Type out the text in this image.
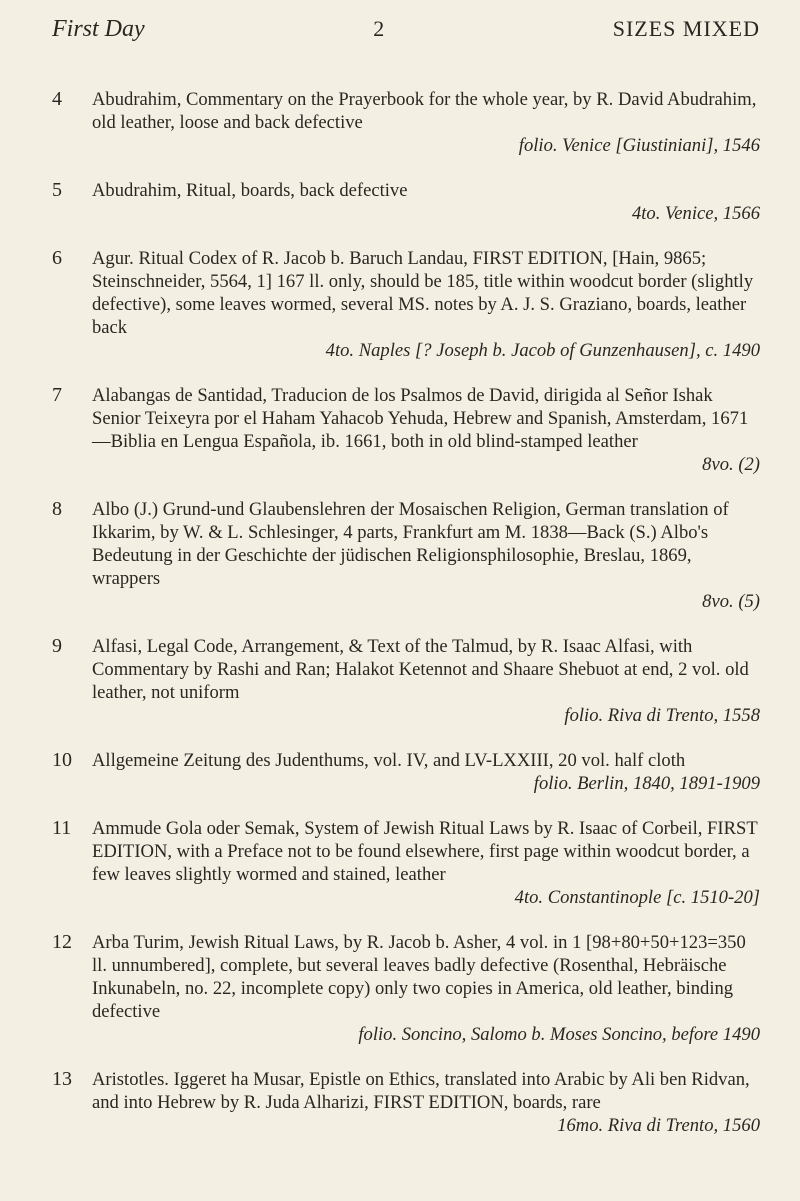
First Day	2	SIZES MIXED
4	Abudrahim, Commentary on the Prayerbook for the whole year, by R. David Abudrahim, old leather, loose and back defective
folio. Venice [Giustiniani], 1546
5	Abudrahim, Ritual, boards, back defective
4to. Venice, 1566
6	Agur. Ritual Codex of R. Jacob b. Baruch Landau, FIRST EDITION, [Hain, 9865; Steinschneider, 5564, 1] 167 ll. only, should be 185, title within woodcut border (slightly defective), some leaves wormed, several MS. notes by A. J. S. Graziano, boards, leather back
4to. Naples [? Joseph b. Jacob of Gunzenhausen], c. 1490
7	Alabangas de Santidad, Traducion de los Psalmos de David, dirigida al Señor Ishak Senior Teixeyra por el Haham Yahacob Yehuda, Hebrew and Spanish, Amsterdam, 1671—Biblia en Lengua Española, ib. 1661, both in old blind-stamped leather
8vo. (2)
8	Albo (J.) Grund-und Glaubenslehren der Mosaischen Religion, German translation of Ikkarim, by W. & L. Schlesinger, 4 parts, Frankfurt am M. 1838—Back (S.) Albo's Bedeutung in der Geschichte der jüdischen Religionsphilosophie, Breslau, 1869, wrappers
8vo. (5)
9	Alfasi, Legal Code, Arrangement, & Text of the Talmud, by R. Isaac Alfasi, with Commentary by Rashi and Ran; Halakot Ketennot and Shaare Shebuot at end, 2 vol. old leather, not uniform
folio. Riva di Trento, 1558
10	Allgemeine Zeitung des Judenthums, vol. IV, and LV-LXXIII, 20 vol. half cloth
folio. Berlin, 1840, 1891-1909
11	Ammude Gola oder Semak, System of Jewish Ritual Laws by R. Isaac of Corbeil, FIRST EDITION, with a Preface not to be found elsewhere, first page within woodcut border, a few leaves slightly wormed and stained, leather
4to. Constantinople [c. 1510-20]
12	Arba Turim, Jewish Ritual Laws, by R. Jacob b. Asher, 4 vol. in 1 [98+80+50+123=350 ll. unnumbered], complete, but several leaves badly defective (Rosenthal, Hebräische Inkunabeln, no. 22, incomplete copy) only two copies in America, old leather, binding defective
folio. Soncino, Salomo b. Moses Soncino, before 1490
13	Aristotles. Iggeret ha Musar, Epistle on Ethics, translated into Arabic by Ali ben Ridvan, and into Hebrew by R. Juda Alharizi, FIRST EDITION, boards, rare
16mo. Riva di Trento, 1560
